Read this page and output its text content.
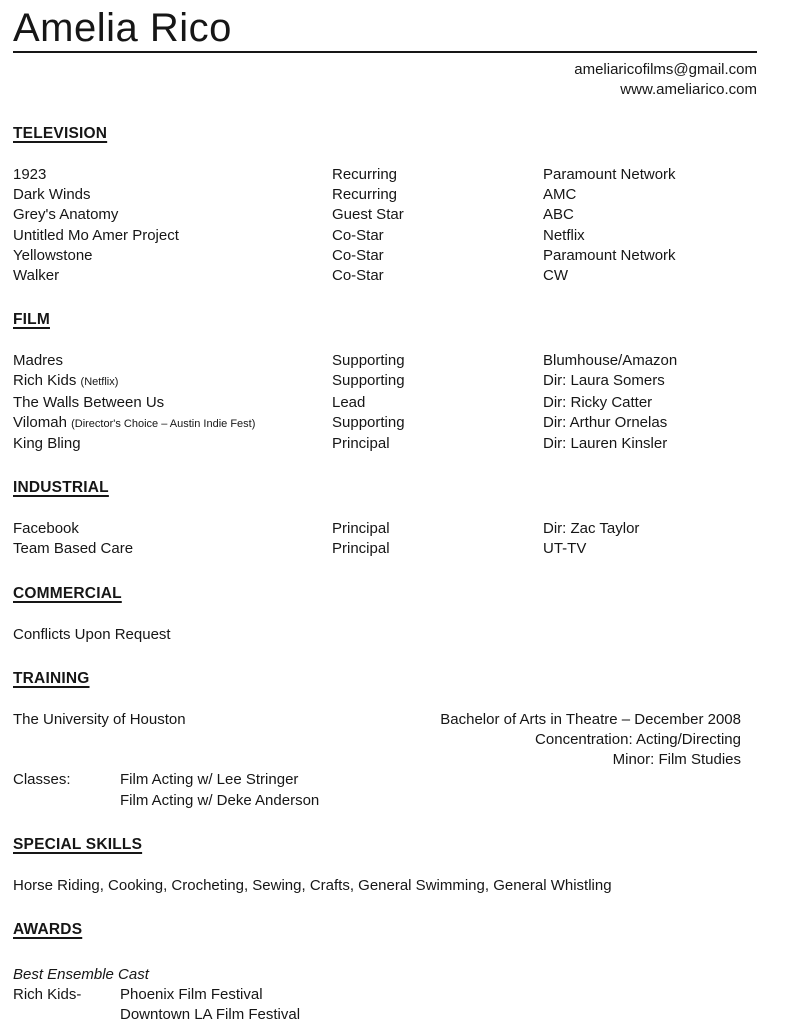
Amelia Rico
ameliaricofilms@gmail.com
www.ameliarico.com
TELEVISION
1923	Recurring	Paramount Network
Dark Winds	Recurring	AMC
Grey's Anatomy	Guest Star	ABC
Untitled Mo Amer Project	Co-Star	Netflix
Yellowstone	Co-Star	Paramount Network
Walker	Co-Star	CW
FILM
Madres	Supporting	Blumhouse/Amazon
Rich Kids (Netflix)	Supporting	Dir: Laura Somers
The Walls Between Us	Lead	Dir: Ricky Catter
Vilomah (Director's Choice – Austin Indie Fest)	Supporting	Dir: Arthur Ornelas
King Bling	Principal	Dir: Lauren Kinsler
INDUSTRIAL
Facebook	Principal	Dir: Zac Taylor
Team Based Care	Principal	UT-TV
COMMERCIAL
Conflicts Upon Request
TRAINING
The University of Houston	Bachelor of Arts in Theatre – December 2008
Concentration: Acting/Directing
Minor: Film Studies
Classes:	Film Acting w/ Lee Stringer
Film Acting w/ Deke Anderson
SPECIAL SKILLS
Horse Riding, Cooking, Crocheting, Sewing, Crafts, General Swimming, General Whistling
AWARDS
Best Ensemble Cast
Rich Kids-	Phoenix Film Festival
Downtown LA Film Festival
